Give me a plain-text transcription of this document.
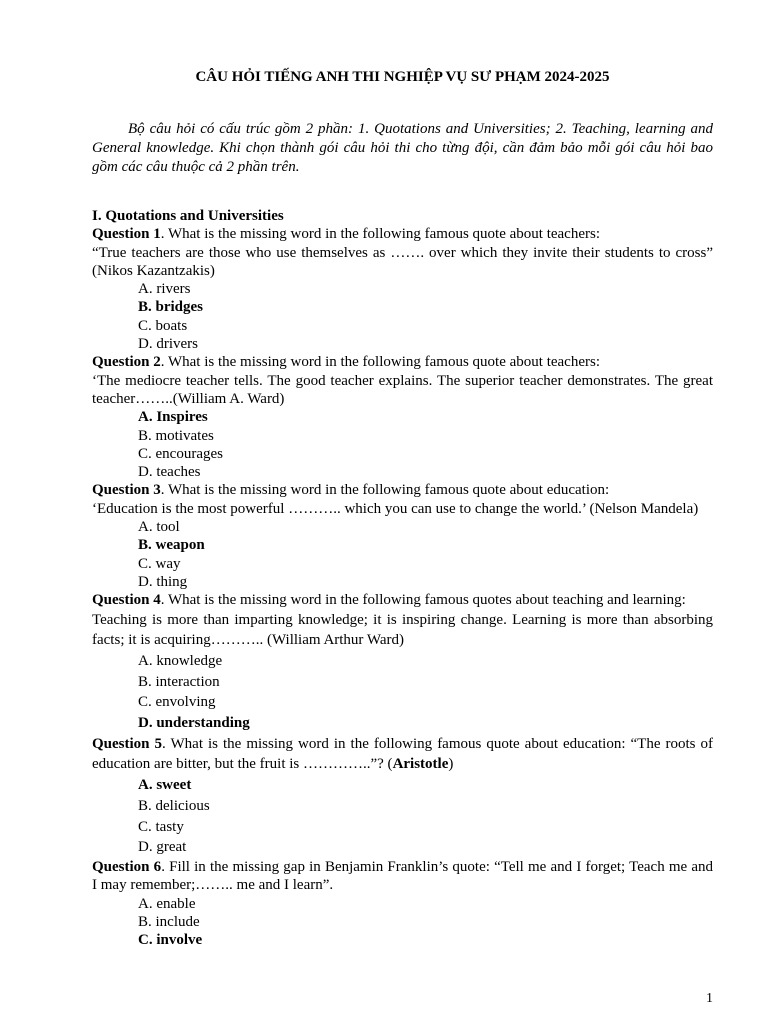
CÂU HỎI TIẾNG ANH THI NGHIỆP VỤ SƯ PHẠM 2024-2025
Bộ câu hỏi có cấu trúc gồm 2 phần: 1. Quotations and Universities; 2. Teaching, learning and General knowledge. Khi chọn thành gói câu hỏi thi cho từng đội, cần đảm bảo mỗi gói câu hỏi bao gồm các câu thuộc cả 2 phần trên.
I. Quotations and Universities
Question 1. What is the missing word in the following famous quote about teachers:
“True teachers are those who use themselves as ……. over which they invite their students to cross” (Nikos Kazantzakis)
A. rivers
B. bridges
C. boats
D. drivers
Question 2. What is the missing word in the following famous quote about teachers:
‘The mediocre teacher tells. The good teacher explains. The superior teacher demonstrates. The great teacher……..(William A. Ward)
A. Inspires
B. motivates
C. encourages
D. teaches
Question 3. What is the missing word in the following famous quote about education:
‘Education is the most powerful ……….. which you can use to change the world.’ (Nelson Mandela)
A. tool
B. weapon
C. way
D. thing
Question 4. What is the missing word in the following famous quotes about teaching and learning:
Teaching is more than imparting knowledge; it is inspiring change. Learning is more than absorbing facts; it is acquiring……….. (William Arthur Ward)
A. knowledge
B. interaction
C. envolving
D. understanding
Question 5. What is the missing word in the following famous quote about education: “The roots of education are bitter, but the fruit is …………..”? (Aristotle)
A. sweet
B. delicious
C. tasty
D. great
Question 6. Fill in the missing gap in Benjamin Franklin’s quote: “Tell me and I forget; Teach me and I may remember;…….. me and I learn”.
A. enable
B. include
C. involve
1
